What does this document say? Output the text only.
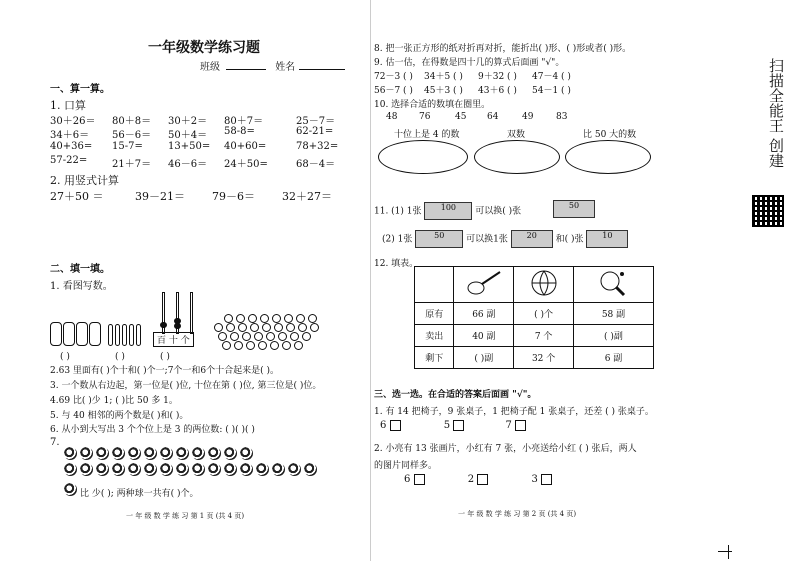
一年级数学练习题
班级	姓名
一、算一算。
1. 口算
30＋26＝ 80＋8＝ 30＋2＝ 80＋7＝	25－7＝
34＋6＝ 56－6＝ 50＋4＝ 58-8=	62-21=
40+36= 15-7=	13+50= 40+60=	78+32=
57-22= 21＋7＝ 46－6＝ 24＋50=	68－4＝
2. 用竖式计算
27＋50 ＝	39－21＝ 79－6＝ 32＋27＝
二、填一填。
1. 看图写数。
百 十 个
( )	( )	( )
2.63 里面有( )个十和( )个一;7个一和6个十合起来是( )。
3. 一个数从右边起，第一位是( )位, 十位在第 ( )位, 第三位是( )位。
4.69 比( )少 1; ( )比 50 多 1。
5. 与 40 相邻的两个数是( )和( )。
6. 从小到大写出 3 个个位上是 3 的两位数: ( )( )( )
7.
比 少( ); 两种球一共有( )个。
一 年 级 数 学 练 习 第 1 页 (共 4 页)
8. 把一张正方形的纸对折再对折，能折出( )形、( )形或者( )形。
9. 估一估，在得数是四十几的算式后面画 "√"。
72－3 ( ) 34＋5 ( ) 9＋32 ( ) 47－4 ( )
56－7 ( ) 45＋3 ( ) 43＋6 ( ) 54－1 ( )
10. 选择合适的数填在圈里。
48 76	45 64	49	83
十位上是 4 的数	双数	比 50 大的数
11. (1) 1张 100 可以换( )张
50
(2) 1张	50 可以换1张 20 和( )张 10
12. 填表。

原有	66 副	( )个	58 副
卖出	40 副	7 个	( )副
剩下	( )副	32 个	6 副
三、选一选。在合适的答案后面画 "√"。
1. 有 14 把椅子，9 张桌子，1 把椅子配 1 张桌子，还差 ( ) 张桌子。
6	5	7
2. 小亮有 13 张画片，小红有 7 张，小亮送给小红 ( ) 张后，两人
的图片同样多。
6	2	3
一 年 级 数 学 练 习 第 2 页 (共 4 页)
扫描全能王 创建
